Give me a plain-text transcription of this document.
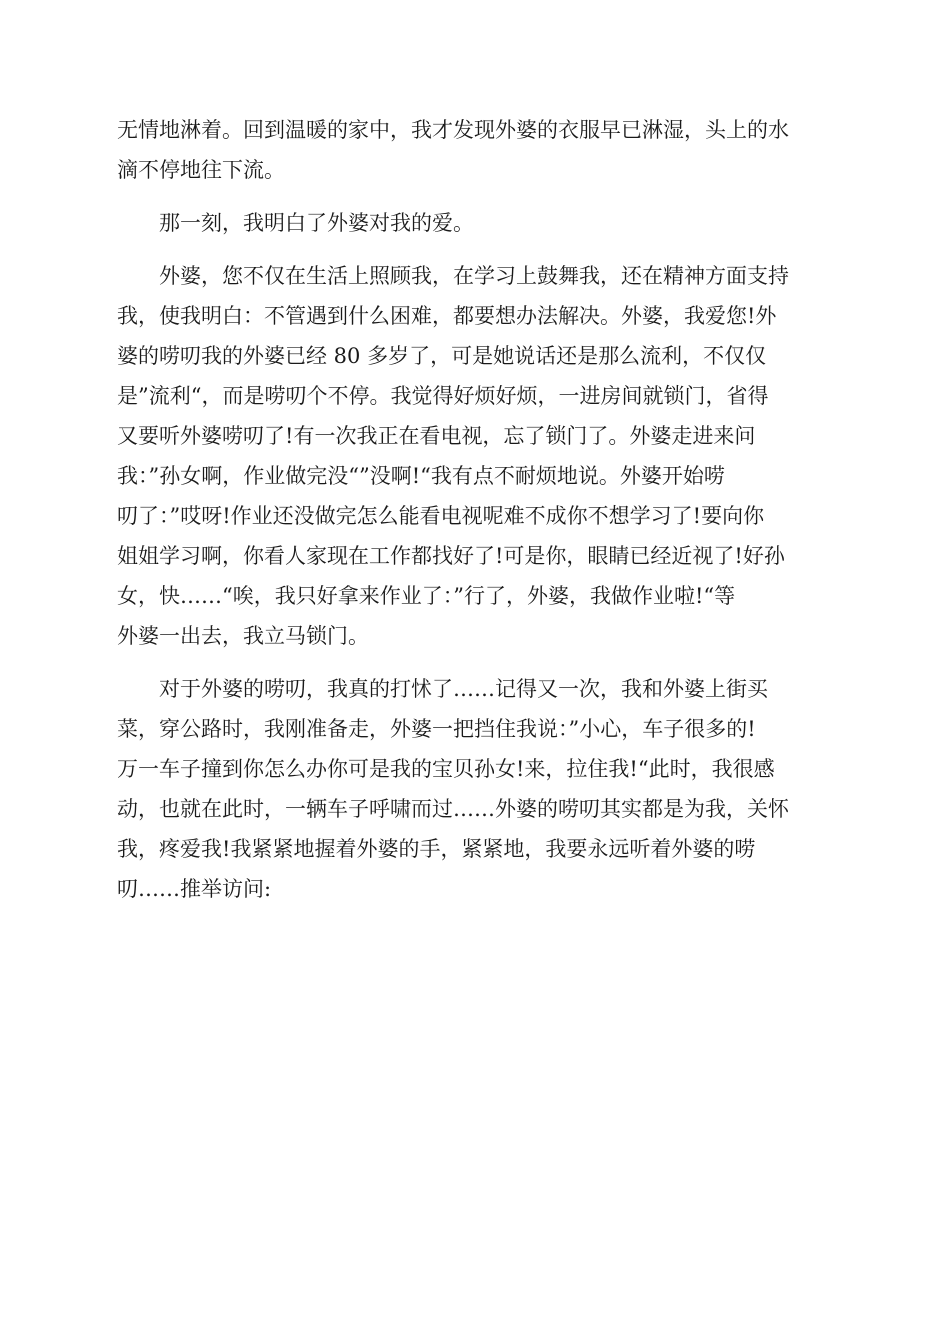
无情地淋着。回到温暖的家中，我才发现外婆的衣服早已淋湿，头上的水
滴不停地往下流。

那一刻，我明白了外婆对我的爱。

外婆，您不仅在生活上照顾我，在学习上鼓舞我，还在精神方面支持
我，使我明白：不管遇到什么困难，都要想办法解决。外婆，我爱您!外
婆的唠叨我的外婆已经 80 多岁了，可是她说话还是那么流利，不仅仅
是”流利“，而是唠叨个不停。我觉得好烦好烦，一进房间就锁门，省得
又要听外婆唠叨了!有一次我正在看电视，忘了锁门了。外婆走进来问
我：”孙女啊，作业做完没“”没啊!“我有点不耐烦地说。外婆开始唠
叨了：”哎呀!作业还没做完怎么能看电视呢难不成你不想学习了!要向你
姐姐学习啊，你看人家现在工作都找好了!可是你，眼睛已经近视了!好孙
女，快……“唉，我只好拿来作业了：”行了，外婆，我做作业啦!“等
外婆一出去，我立马锁门。

对于外婆的唠叨，我真的打怵了……记得又一次，我和外婆上街买
菜，穿公路时，我刚准备走，外婆一把挡住我说：”小心，车子很多的!
万一车子撞到你怎么办你可是我的宝贝孙女!来，拉住我!“此时，我很感
动，也就在此时，一辆车子呼啸而过……外婆的唠叨其实都是为我，关怀
我，疼爱我!我紧紧地握着外婆的手，紧紧地，我要永远听着外婆的唠
叨……推举访问:
